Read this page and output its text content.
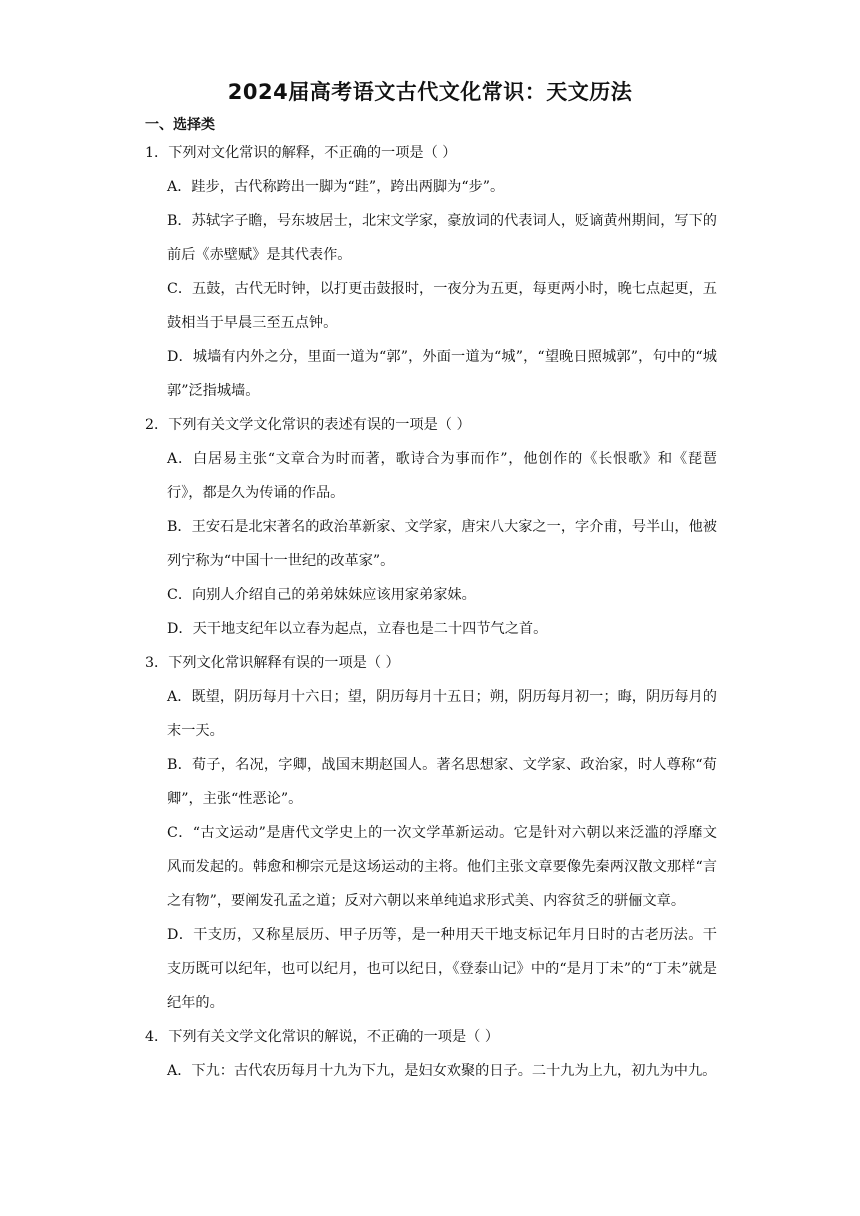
2024届高考语文古代文化常识：天文历法
一、选择类

1．下列对文化常识的解释，不正确的一项是（ ）

A．跬步，古代称跨出一脚为“跬”，跨出两脚为“步”。

B．苏轼字子瞻，号东坡居士，北宋文学家，豪放词的代表词人，贬谪黄州期间，写下的前后《赤壁赋》是其代表作。

C．五鼓，古代无时钟，以打更击鼓报时，一夜分为五更，每更两小时，晚七点起更，五鼓相当于早晨三至五点钟。

D．城墙有内外之分，里面一道为“郭”，外面一道为“城”，“望晚日照城郭”，句中的“城郭”泛指城墙。

2．下列有关文学文化常识的表述有误的一项是（ ）

A．白居易主张“文章合为时而著，歌诗合为事而作”，他创作的《长恨歌》和《琵琶行》，都是久为传诵的作品。

B．王安石是北宋著名的政治革新家、文学家，唐宋八大家之一，字介甫，号半山，他被列宁称为“中国十一世纪的改革家”。

C．向别人介绍自己的弟弟妹妹应该用家弟家妹。

D．天干地支纪年以立春为起点，立春也是二十四节气之首。

3．下列文化常识解释有误的一项是（ ）

A．既望，阴历每月十六日；望，阴历每月十五日；朔，阴历每月初一；晦，阴历每月的末一天。

B．荀子，名况，字卿，战国末期赵国人。著名思想家、文学家、政治家，时人尊称“荀卿”，主张“性恶论”。

C．“古文运动”是唐代文学史上的一次文学革新运动。它是针对六朝以来泛滥的浮靡文风而发起的。韩愈和柳宗元是这场运动的主将。他们主张文章要像先秦两汉散文那样“言之有物”，要阐发孔孟之道；反对六朝以来单纯追求形式美、内容贫乏的骈俪文章。

D．干支历，又称星辰历、甲子历等，是一种用天干地支标记年月日时的古老历法。干支历既可以纪年，也可以纪月，也可以纪日，《登泰山记》中的“是月丁未”的“丁未”就是纪年的。

4．下列有关文学文化常识的解说，不正确的一项是（ ）

A．下九：古代农历每月十九为下九，是妇女欢聚的日子。二十九为上九，初九为中九。
